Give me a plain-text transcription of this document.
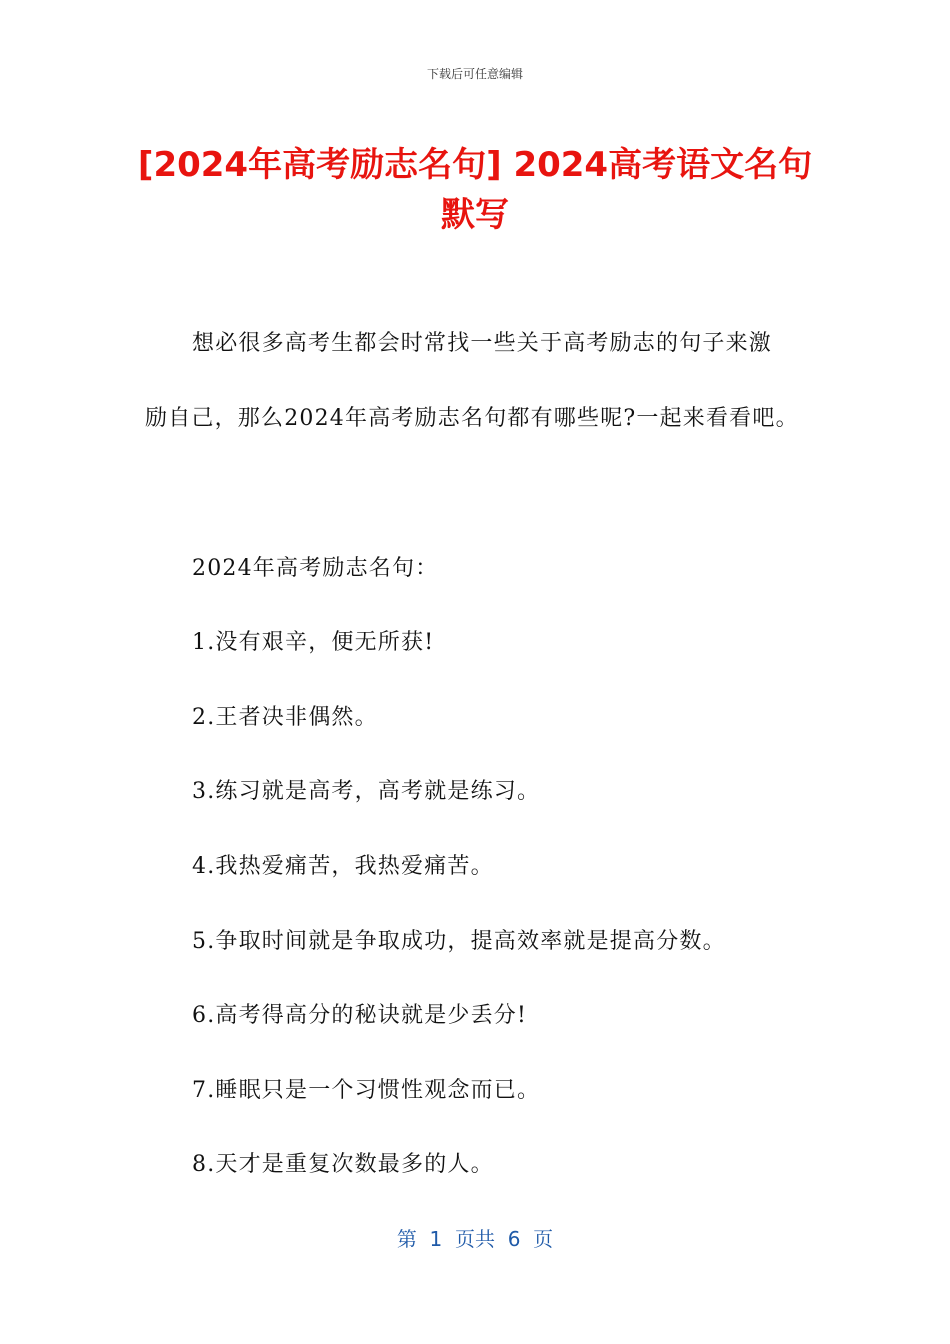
下载后可任意编辑
[2024年高考励志名句] 2024高考语文名句
默写
想必很多高考生都会时常找一些关于高考励志的句子来激
励自己，那么2024年高考励志名句都有哪些呢?一起来看看吧。
2024年高考励志名句：
1.没有艰辛，便无所获!
2.王者决非偶然。
3.练习就是高考，高考就是练习。
4.我热爱痛苦，我热爱痛苦。
5.争取时间就是争取成功，提高效率就是提高分数。
6.高考得高分的秘诀就是少丢分!
7.睡眠只是一个习惯性观念而已。
8.天才是重复次数最多的人。
第  1  页共  6  页
